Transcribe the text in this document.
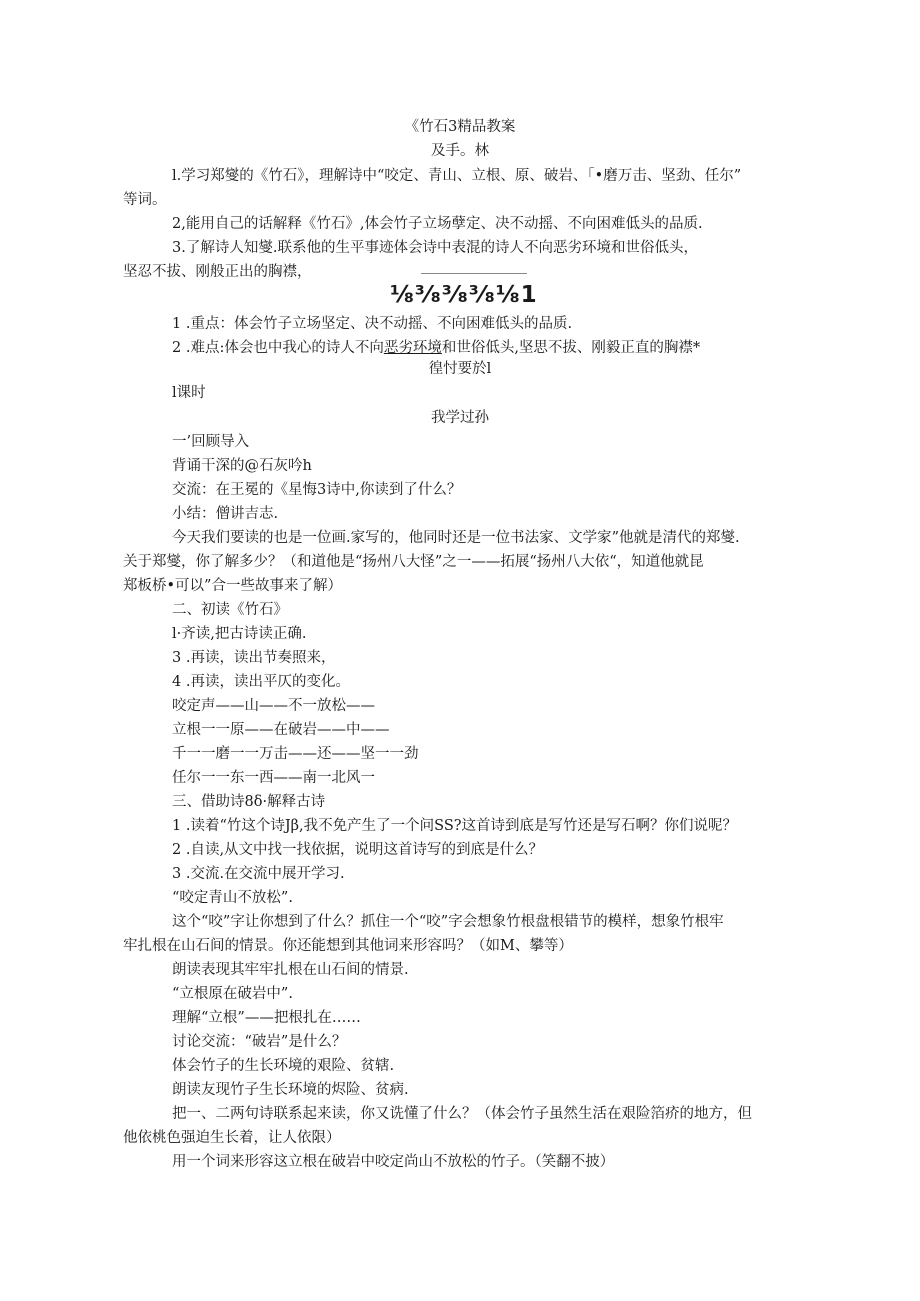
《竹石3精品教案
及手。林
l.学习郑燮的《竹石》，理解诗中“咬定、青山、立根、原、破岩、「•磨万击、坚劲、任尔”
等词。
2,能用自己的话解释《竹石》,体会竹子立场孽定、决不动摇、不向困难低头的品质.
3.了解诗人知燮.联系他的生平事迹体会诗中表混的诗人不向恶劣环境和世俗低头，
坚忍不拔、刚般正出的胸襟，
⅛³⁄₈³⁄₈³⁄₈⅛1
1 .重点：体会竹子立场坚定、决不动摇、不向困难低头的品质.
2 .难点:体会也中我心的诗人不向恶劣环境和世俗低头,坚思不拔、刚毅正直的胸襟*
徨忖要於l
l课时
我学过孙
一’回顾导入
背诵干深的@石灰吟h
交流：在王冕的《星悔3诗中,你读到了什么？
小结：僧讲吉志.
今天我们要读的也是一位画.家写的，他同时还是一位书法家、文学家”他就是清代的郑燮.
关于郑燮，你了解多少？（和道他是“扬州八大怪”之一——拓展“扬州八大依“，知道他就昆
郑板桥•可以”合一些故事来了解）
二、初读《竹石》
l·齐读,把古诗读正确.
3 .再读，读出节奏照来，
4 .再读，读出平仄的变化。
咬定声——山——不一放松——
立根一一原——在破岩——中——
千一一磨一一万击——还——坚一一劲
任尔一一东一西——南一北风一
三、借助诗8δ·解释古诗
1 .读着“竹这个诗Jβ,我不免产生了一个问SS?这首诗到底是写竹还是写石啊？你们说呢？
2 .自读,从文中找一找依据，说明这首诗写的到底是什么？
3 .交流.在交流中展开学习.
“咬定青山不放松”.
这个“咬”字让你想到了什么？抓住一个“咬”字会想象竹根盘根错节的模样，想象竹根牢
牢扎根在山石间的情景。你还能想到其他词来形容吗？（如M、攀等）
朗读表现其牢牢扎根在山石间的情景.
“立根原在破岩中”.
理解“立根”——把根扎在……
讨论交流：“破岩”是什么？
体会竹子的生长环境的艰险、贫辖.
朗读友现竹子生长环境的烬险、贫病.
把一、二两句诗联系起来读，你又诜懂了什么？（体会竹子虽然生活在艰险箔疥的地方，但
他依桃色强迫生长着，让人依限）
用一个词来形容这立根在破岩中咬定尚山不放松的竹子。（笑翻不披）
